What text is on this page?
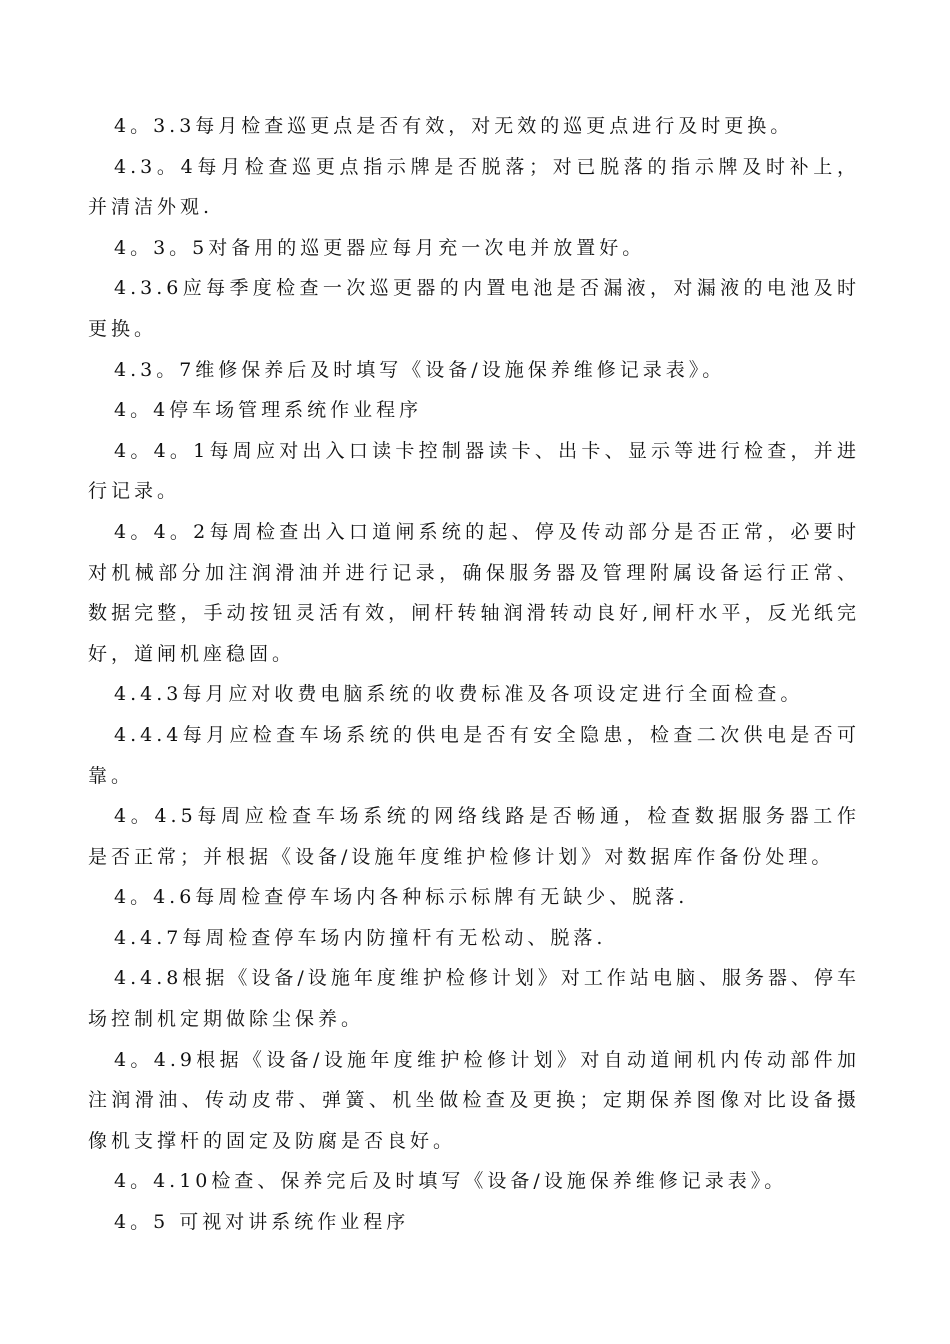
4。3.3每月检查巡更点是否有效，对无效的巡更点进行及时更换。

4.3。4每月检查巡更点指示牌是否脱落；对已脱落的指示牌及时补上，并清洁外观.

4。3。5对备用的巡更器应每月充一次电并放置好。

4.3.6应每季度检查一次巡更器的内置电池是否漏液，对漏液的电池及时更换。

4.3。7维修保养后及时填写《设备/设施保养维修记录表》。

4。4停车场管理系统作业程序

4。4。1每周应对出入口读卡控制器读卡、出卡、显示等进行检查，并进行记录。

4。4。2每周检查出入口道闸系统的起、停及传动部分是否正常，必要时对机械部分加注润滑油并进行记录，确保服务器及管理附属设备运行正常、数据完整，手动按钮灵活有效，闸杆转轴润滑转动良好,闸杆水平，反光纸完好，道闸机座稳固。

4.4.3每月应对收费电脑系统的收费标准及各项设定进行全面检查。

4.4.4每月应检查车场系统的供电是否有安全隐患，检查二次供电是否可靠。

4。4.5每周应检查车场系统的网络线路是否畅通，检查数据服务器工作是否正常；并根据《设备/设施年度维护检修计划》对数据库作备份处理。

4。4.6每周检查停车场内各种标示标牌有无缺少、脱落.

4.4.7每周检查停车场内防撞杆有无松动、脱落.

4.4.8根据《设备/设施年度维护检修计划》对工作站电脑、服务器、停车场控制机定期做除尘保养。

4。4.9根据《设备/设施年度维护检修计划》对自动道闸机内传动部件加注润滑油、传动皮带、弹簧、机坐做检查及更换；定期保养图像对比设备摄像机支撑杆的固定及防腐是否良好。

4。4.10检查、保养完后及时填写《设备/设施保养维修记录表》。

4。5 可视对讲系统作业程序
